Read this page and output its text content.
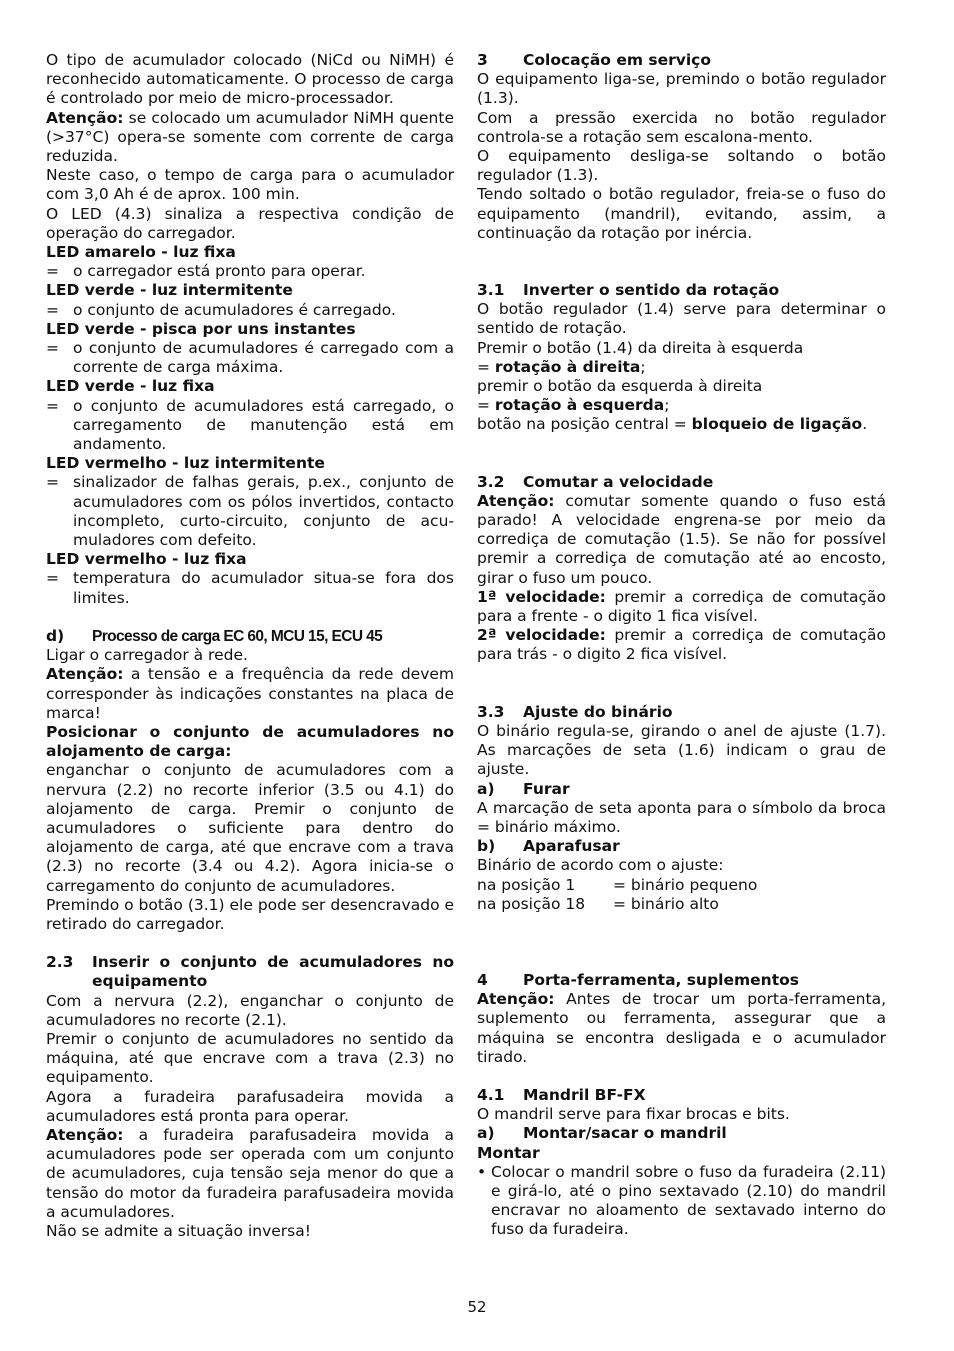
O tipo de acumulador colocado (NiCd ou NiMH) é reconhecido automaticamente. O processo de carga é controlado por meio de micro-processador.

Atenção: se colocado um acumulador NiMH quente (>37°C) opera-se somente com corrente de carga reduzida.

Neste caso, o tempo de carga para o acumulador com 3,0 Ah é de aprox. 100 min.

O LED (4.3) sinaliza a respectiva condição de operação do carregador.

LED amarelo - luz fixa

= o carregador está pronto para operar.

LED verde - luz intermitente

= o conjunto de acumuladores é carregado.

LED verde - pisca por uns instantes

= o conjunto de acumuladores é carregado com a corrente de carga máxima.

LED verde - luz fixa

= o conjunto de acumuladores está carregado, o carregamento de manutenção está em andamento.

LED vermelho - luz intermitente

= sinalizador de falhas gerais, p.ex., conjunto de acumuladores com os pólos invertidos, contacto incompleto, curto-circuito, conjunto de acu-muladores com defeito.

LED vermelho - luz fixa

= temperatura do acumulador situa-se fora dos limites.

d) Processo de carga EC 60, MCU 15, ECU 45

Ligar o carregador à rede.

Atenção: a tensão e a frequência da rede devem corresponder às indicações constantes na placa de marca!

Posicionar o conjunto de acumuladores no alojamento de carga:

enganchar o conjunto de acumuladores com a nervura (2.2) no recorte inferior (3.5 ou 4.1) do alojamento de carga. Premir o conjunto de acumuladores o suficiente para dentro do alojamento de carga, até que encrave com a trava (2.3) no recorte (3.4 ou 4.2). Agora inicia-se o carregamento do conjunto de acumuladores.

Premindo o botão (3.1) ele pode ser desencravado e retirado do carregador.

2.3 Inserir o conjunto de acumuladores no equipamento

Com a nervura (2.2), enganchar o conjunto de acumuladores no recorte (2.1).

Premir o conjunto de acumuladores no sentido da máquina, até que encrave com a trava (2.3) no equipamento.

Agora a furadeira parafusadeira movida a acumuladores está pronta para operar.

Atenção: a furadeira parafusadeira movida a acumuladores pode ser operada com um conjunto de acumuladores, cuja tensão seja menor do que a tensão do motor da furadeira parafusadeira movida a acumuladores.

Não se admite a situação inversa!

3 Colocação em serviço

O equipamento liga-se, premindo o botão regulador (1.3).

Com a pressão exercida no botão regulador controla-se a rotação sem escalona-mento.

O equipamento desliga-se soltando o botão regulador (1.3).

Tendo soltado o botão regulador, freia-se o fuso do equipamento (mandril), evitando, assim, a continuação da rotação por inércia.

3.1 Inverter o sentido da rotação

O botão regulador (1.4) serve para determinar o sentido de rotação.

Premir o botão (1.4) da direita à esquerda

= rotação à direita;

premir o botão da esquerda à direita

= rotação à esquerda;

botão na posição central = bloqueio de ligação.

3.2 Comutar a velocidade

Atenção: comutar somente quando o fuso está parado! A velocidade engrena-se por meio da corrediça de comutação (1.5). Se não for possível premir a corrediça de comutação até ao encosto, girar o fuso um pouco.

1ª velocidade: premir a corrediça de comutação para a frente - o digito 1 fica visível.

2ª velocidade: premir a corrediça de comutação para trás - o digito 2 fica visível.

3.3 Ajuste do binário

O binário regula-se, girando o anel de ajuste (1.7). As marcações de seta (1.6) indicam o grau de ajuste.

a) Furar

A marcação de seta aponta para o símbolo da broca = binário máximo.

b) Aparafusar

Binário de acordo com o ajuste:

na posição 1 = binário pequeno

na posição 18 = binário alto

4 Porta-ferramenta, suplementos

Atenção: Antes de trocar um porta-ferramenta, suplemento ou ferramenta, assegurar que a máquina se encontra desligada e o acumulador tirado.

4.1 Mandril BF-FX

O mandril serve para fixar brocas e bits.

a) Montar/sacar o mandril

Montar

• Colocar o mandril sobre o fuso da furadeira (2.11) e girá-lo, até o pino sextavado (2.10) do mandril encravar no aloamento de sextavado interno do fuso da furadeira.
52
